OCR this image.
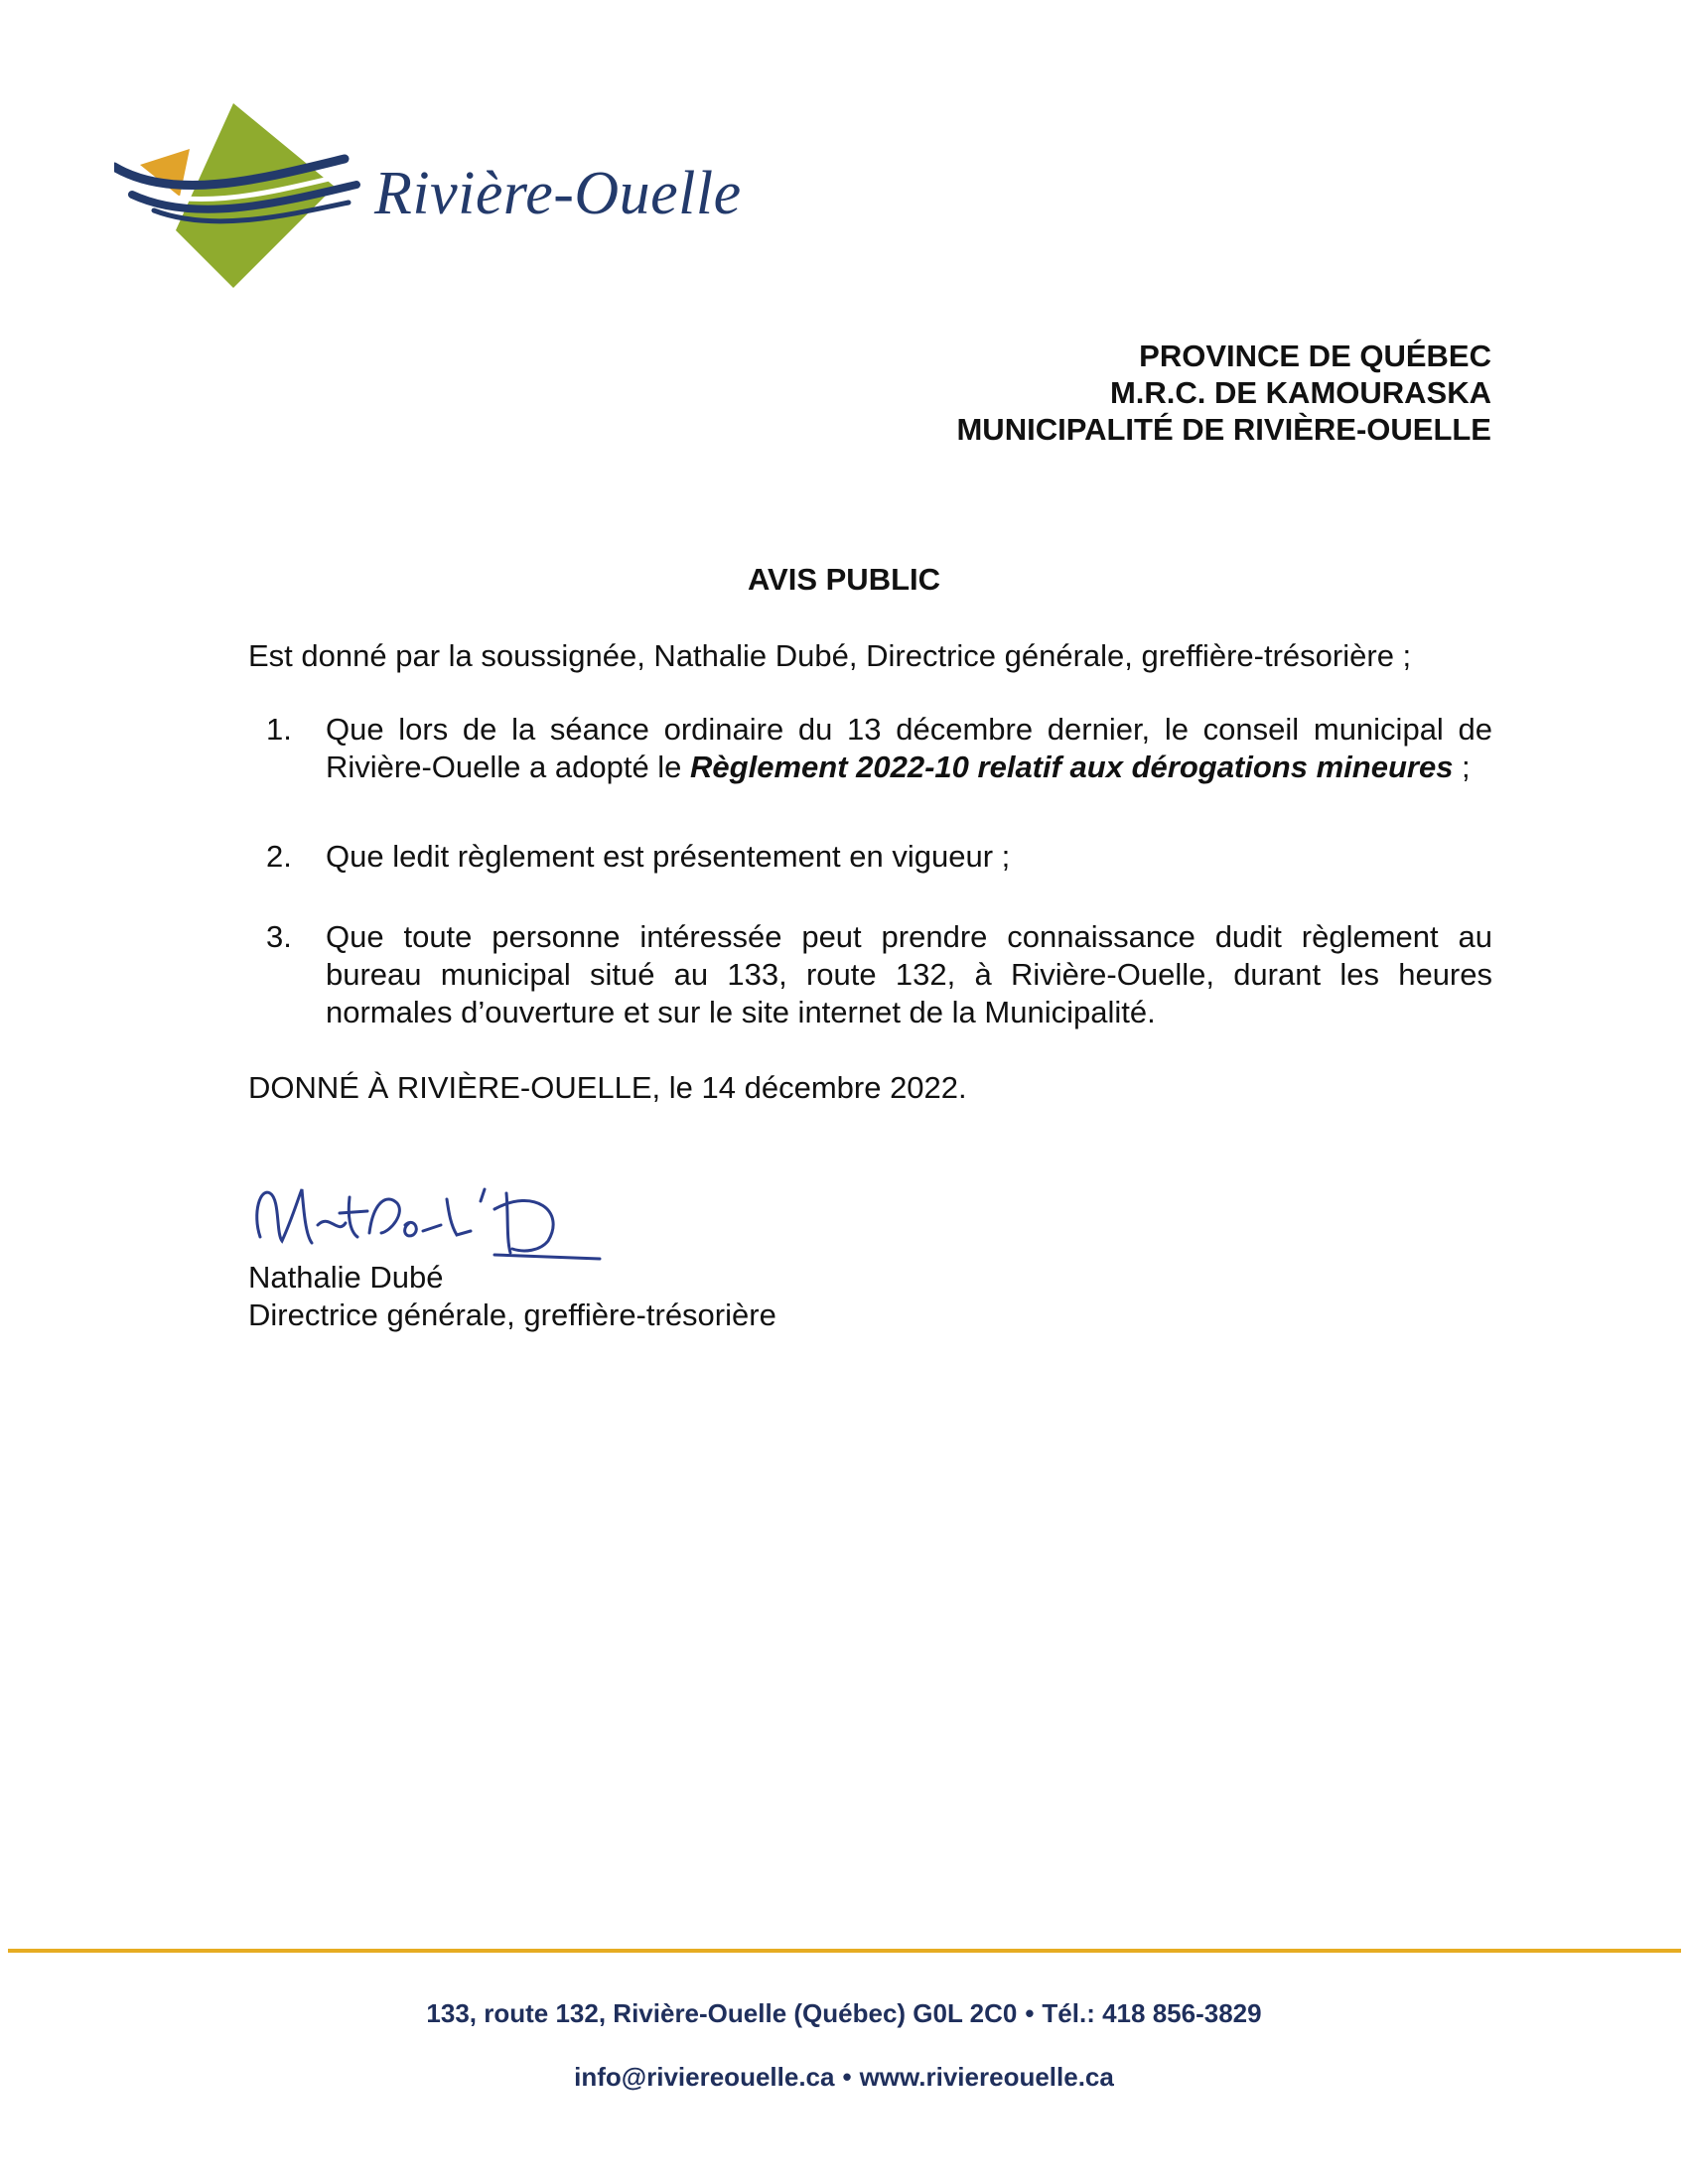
Rivière-Ouelle
PROVINCE DE QUÉBEC
M.R.C. DE KAMOURASKA
MUNICIPALITÉ DE RIVIÈRE-OUELLE
AVIS PUBLIC
Est donné par la soussignée, Nathalie Dubé, Directrice générale, greffière-trésorière ;
1. Que lors de la séance ordinaire du 13 décembre dernier, le conseil municipal de Rivière-Ouelle a adopté le Règlement 2022-10 relatif aux dérogations mineures ;
2. Que ledit règlement est présentement en vigueur ;
3. Que toute personne intéressée peut prendre connaissance dudit règlement au bureau municipal situé au 133, route 132, à Rivière-Ouelle, durant les heures normales d’ouverture et sur le site internet de la Municipalité.
DONNÉ À RIVIÈRE-OUELLE, le 14 décembre 2022.
Nathalie Dubé
Directrice générale, greffière-trésorière
133, route 132, Rivière-Ouelle (Québec) G0L 2C0 • Tél.: 418 856-3829
info@riviereouelle.ca • www.riviereouelle.ca
